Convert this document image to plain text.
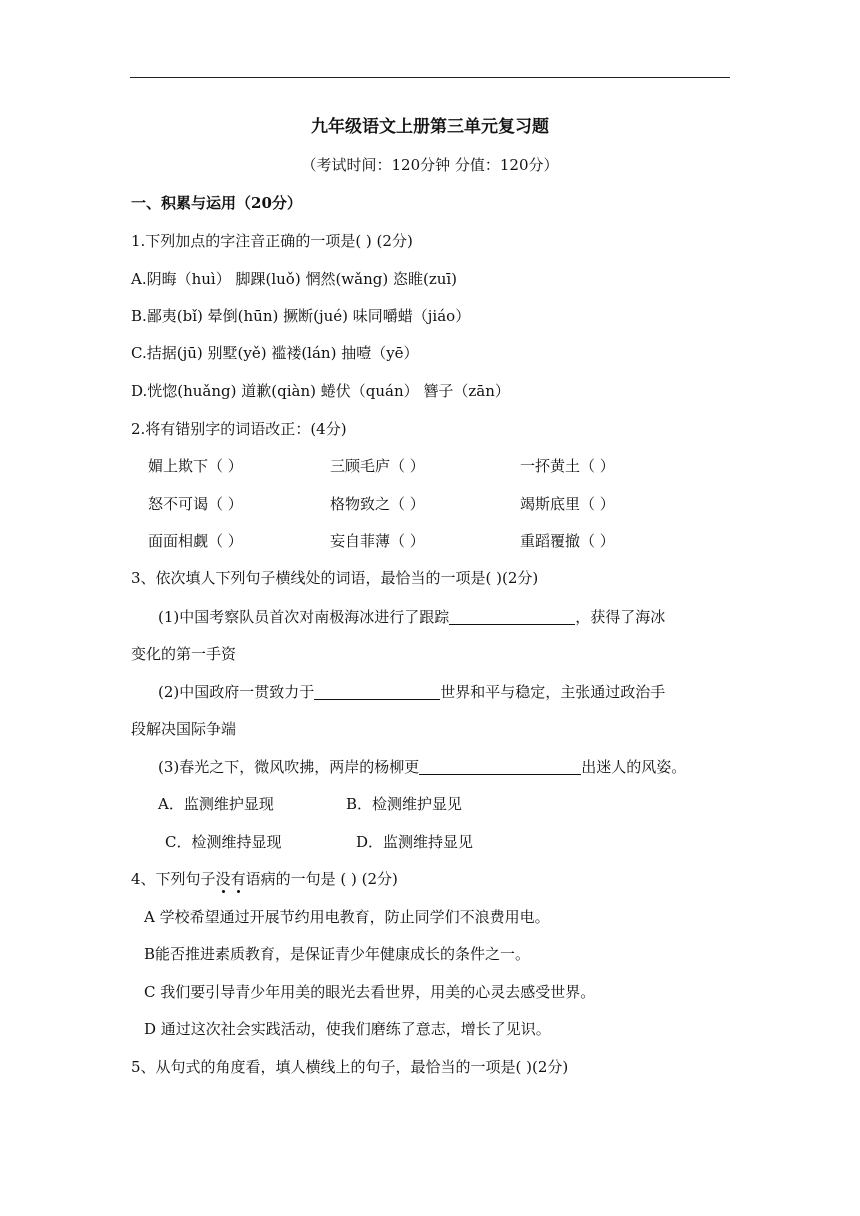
九年级语文上册第三单元复习题
（考试时间：120分钟 分值：120分）
一、积累与运用（20分）
1.下列加点的字注音正确的一项是( ) (2分)
A.阴晦（huì） 脚踝(luǒ) 惘然(wǎng) 恣睢(zuī)
B.鄙夷(bǐ) 晕倒(hūn) 撅断(jué) 味同嚼蜡（jiáo）
C.拮据(jū) 别墅(yě) 褴褛(lán) 抽噎（yē）
D.恍惚(huǎng) 道歉(qiàn) 蜷伏（quán） 簪子（zān）
2.将有错别字的词语改正：(4分)
媚上欺下（ ）	三顾毛庐（ ）	一抔黄土（ ）
怒不可谒（ ）	格物致之（ ）	竭斯底里（ ）
面面相觑（ ）	妄自菲薄（ ）	重蹈覆撤（ ）
3、依次填人下列句子横线处的词语，最恰当的一项是( )(2分)
(1)中国考察队员首次对南极海冰进行了跟踪	，获得了海冰
变化的第一手资
(2)中国政府一贯致力于	世界和平与稳定，主张通过政治手
段解决国际争端
(3)春光之下，微风吹拂，两岸的杨柳更	出迷人的风姿。
A．监测维护显现	B．检测维护显见
C．检测维持显现	D．监测维持显见
4、下列句子没有语病的一句是 ( ) (2分)
A 学校希望通过开展节约用电教育，防止同学们不浪费用电。
B能否推进素质教育，是保证青少年健康成长的条件之一。
C 我们要引导青少年用美的眼光去看世界，用美的心灵去感受世界。
D 通过这次社会实践活动，使我们磨练了意志，增长了见识。
5、从句式的角度看，填人横线上的句子，最恰当的一项是( )(2分)
